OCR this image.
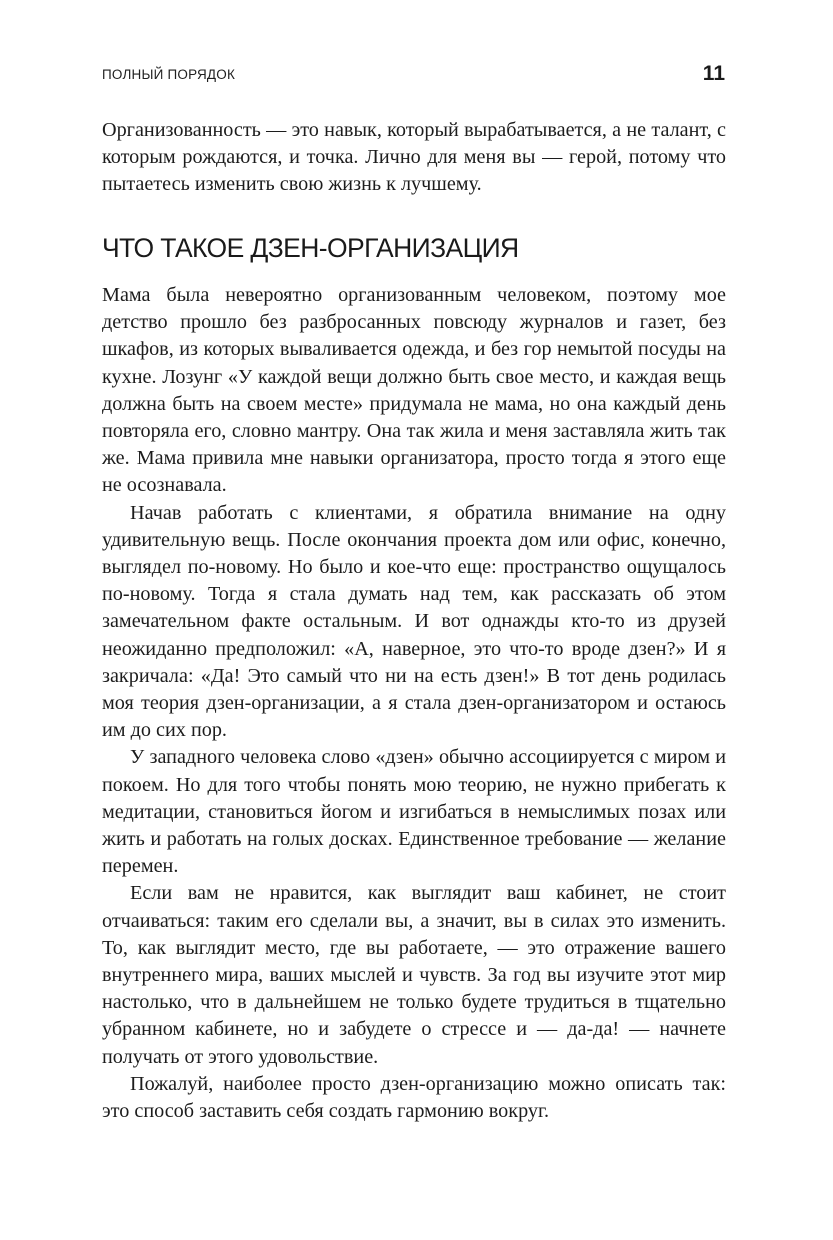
ПОЛНЫЙ ПОРЯДОК	11

Организованность — это навык, который вырабатывается, а не талант, с которым рождаются, и точка. Лично для меня вы — герой, потому что пытаетесь изменить свою жизнь к лучшему.

ЧТО ТАКОЕ ДЗЕН-ОРГАНИЗАЦИЯ

Мама была невероятно организованным человеком, поэтому мое детство прошло без разбросанных повсюду журналов и газет, без шкафов, из которых вываливается одежда, и без гор немытой посуды на кухне. Лозунг «У каждой вещи должно быть свое место, и каждая вещь должна быть на своем месте» придумала не мама, но она каждый день повторяла его, словно мантру. Она так жила и меня заставляла жить так же. Мама привила мне навыки организатора, просто тогда я этого еще не осознавала.

Начав работать с клиентами, я обратила внимание на одну удивительную вещь. После окончания проекта дом или офис, конечно, выглядел по-новому. Но было и кое-что еще: пространство ощущалось по-новому. Тогда я стала думать над тем, как рассказать об этом замечательном факте остальным. И вот однажды кто-то из друзей неожиданно предположил: «А, наверное, это что-то вроде дзен?» И я закричала: «Да! Это самый что ни на есть дзен!» В тот день родилась моя теория дзен-организации, а я стала дзен-организатором и остаюсь им до сих пор.

У западного человека слово «дзен» обычно ассоциируется с миром и покоем. Но для того чтобы понять мою теорию, не нужно прибегать к медитации, становиться йогом и изгибаться в немыслимых позах или жить и работать на голых досках. Единственное требование — желание перемен.

Если вам не нравится, как выглядит ваш кабинет, не стоит отчаиваться: таким его сделали вы, а значит, вы в силах это изменить. То, как выглядит место, где вы работаете, — это отражение вашего внутреннего мира, ваших мыслей и чувств. За год вы изучите этот мир настолько, что в дальнейшем не только будете трудиться в тщательно убранном кабинете, но и забудете о стрессе и — да-да! — начнете получать от этого удовольствие.

Пожалуй, наиболее просто дзен-организацию можно описать так: это способ заставить себя создать гармонию вокруг.
